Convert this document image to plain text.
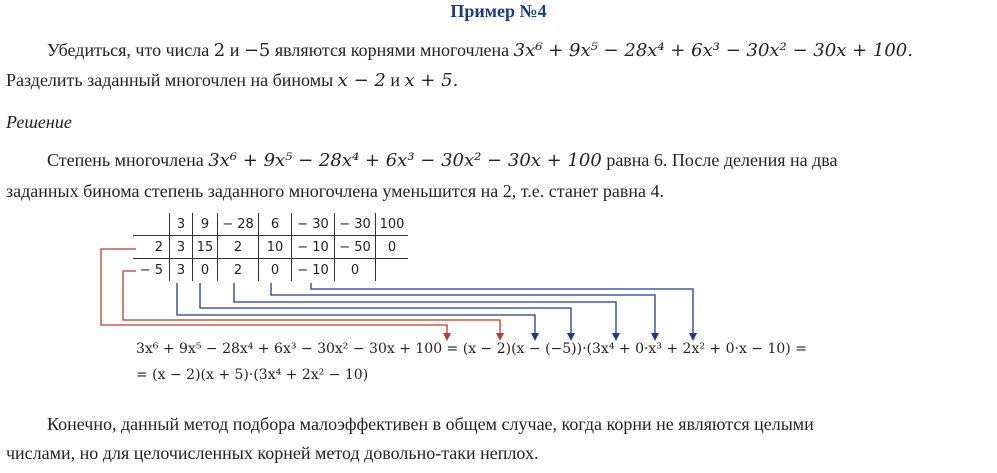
Пример №4
Убедиться, что числа 2 и −5 являются корнями многочлена 3x⁶ + 9x⁵ − 28x⁴ + 6x³ − 30x² − 30x + 100.
Разделить заданный многочлен на биномы x − 2 и x + 5.
Решение
Степень многочлена 3x⁶ + 9x⁵ − 28x⁴ + 6x³ − 30x² − 30x + 100 равна 6. После деления на два
заданных бинома степень заданного многочлена уменьшится на 2, т.е. станет равна 4.
	3	9	− 28	6	− 30	− 30	100
2	3	15	2	10	− 10	− 50	0
− 5	3	0	2	0	− 10	0	
3x⁶ + 9x⁵ − 28x⁴ + 6x³ − 30x² − 30x + 100 = (x − 2)(x − (−5))·(3x⁴ + 0·x³ + 2x² + 0·x − 10) =
= (x − 2)(x + 5)·(3x⁴ + 2x² − 10)
Конечно, данный метод подбора малоэффективен в общем случае, когда корни не являются целыми
числами, но для целочисленных корней метод довольно-таки неплох.
